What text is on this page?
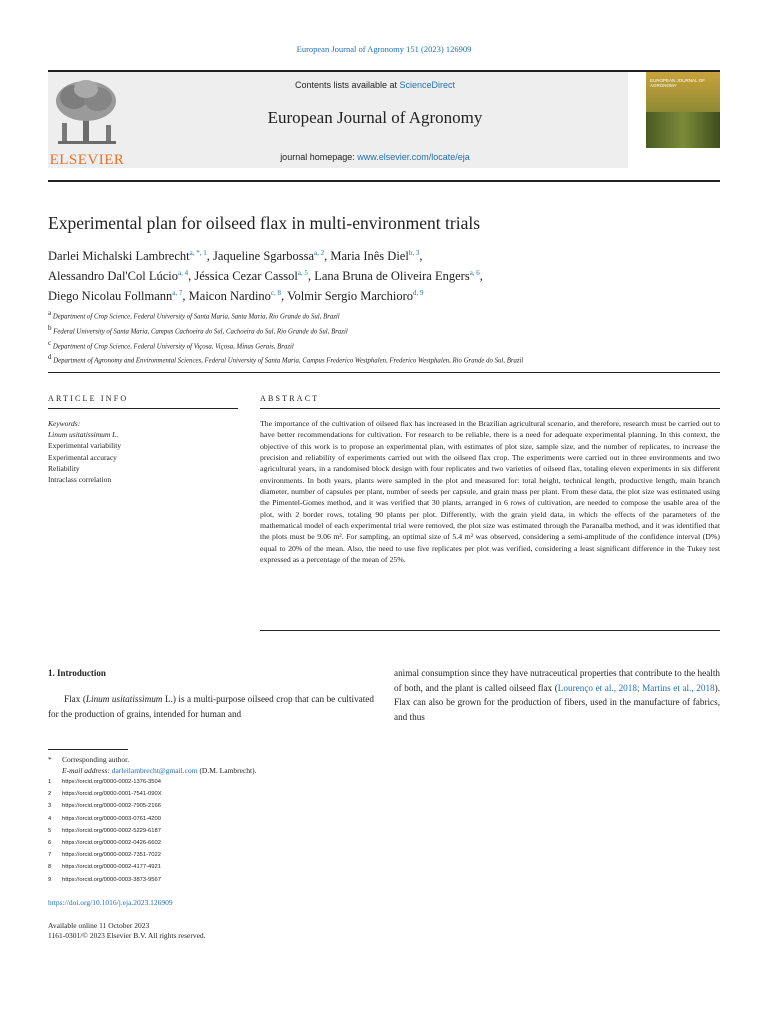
European Journal of Agronomy 151 (2023) 126909
ELSEVIER
Contents lists available at ScienceDirect
European Journal of Agronomy
journal homepage: www.elsevier.com/locate/eja
EUROPEAN JOURNAL OF AGRONOMY
Experimental plan for oilseed flax in multi-environment trials
Darlei Michalski Lambrecht$^{a, *, 1}$, Jaqueline Sgarbossa$^{a, 2}$, Maria Inês Diel$^{b, 3}$,
Alessandro Dal'Col Lúcio$^{a, 4}$, Jéssica Cezar Cassol$^{a, 5}$, Lana Bruna de Oliveira Engers$^{a, 6}$,
Diego Nicolau Follmann$^{a, 7}$, Maicon Nardino$^{c, 8}$, Volmir Sergio Marchioro$^{d, 9}$
$^a$ Department of Crop Science, Federal University of Santa Maria, Santa Maria, Rio Grande do Sul, Brazil
$^b$ Federal University of Santa Maria, Campus Cachoeira do Sul, Cachoeira do Sul, Rio Grande do Sul, Brazil
$^c$ Department of Crop Science, Federal University of Viçosa, Viçosa, Minas Gerais, Brazil
$^d$ Department of Agronomy and Environmental Sciences, Federal University of Santa Maria, Campus Frederico Westphalen, Frederico Westphalen, Rio Grande do Sul, Brazil
ARTICLE INFO
Keywords:
Linum usitatissimum L.
Experimental variability
Experimental accuracy
Reliability
Intraclass correlation
ABSTRACT
The importance of the cultivation of oilseed flax has increased in the Brazilian agricultural scenario, and therefore, research must be carried out to have better recommendations for cultivation. For research to be reliable, there is a need for adequate experimental planning. In this context, the objective of this work is to propose an experimental plan, with estimates of plot size, sample size, and the number of replicates, to increase the precision and reliability of experiments carried out with the oilseed flax crop. The experiments were carried out in three environments and two agricultural years, in a randomised block design with four replicates and two varieties of oilseed flax, totaling eleven experiments in six different environments. In both years, plants were sampled in the plot and measured for: total height, technical length, productive length, main branch diameter, number of capsules per plant, number of seeds per capsule, and grain mass per plant. From these data, the plot size was estimated using the Pimentel-Gomes method, and it was verified that 30 plants, arranged in 6 rows of cultivation, are needed to compose the usable area of the plot, with 2 border rows, totaling 90 plants per plot. Differently, with the grain yield data, in which the effects of the parameters of the mathematical model of each experimental trial were removed, the plot size was estimated through the Paranaíba method, and it was identified that the plots must be 9.06 m². For sampling, an optimal size of 5.4 m² was observed, considering a semi-amplitude of the confidence interval (D%) equal to 20% of the mean. Also, the need to use five replicates per plot was verified, considering a least significant difference in the Tukey test expressed as a percentage of the mean of 25%.
1. Introduction
Flax (Linum usitatissimum L.) is a multi-purpose oilseed crop that can be cultivated for the production of grains, intended for human and
animal consumption since they have nutraceutical properties that contribute to the health of both, and the plant is called oilseed flax (Lourenço et al., 2018; Martins et al., 2018). Flax can also be grown for the production of fibers, used in the manufacture of fabrics, and thus
* Corresponding author.
E-mail address: darleilambrecht@gmail.com (D.M. Lambrecht).
1 https://orcid.org/0000-0002-1376-3504
2 https://orcid.org/0000-0001-7541-090X
3 https://orcid.org/0000-0002-7905-2166
4 https://orcid.org/0000-0003-0761-4200
5 https://orcid.org/0000-0002-5229-6187
6 https://orcid.org/0000-0002-0426-6602
7 https://orcid.org/0000-0002-7351-7022
8 https://orcid.org/0000-0002-4177-4921
9 https://orcid.org/0000-0003-3873-9567
https://doi.org/10.1016/j.eja.2023.126909
Available online 11 October 2023
1161-0301/© 2023 Elsevier B.V. All rights reserved.
